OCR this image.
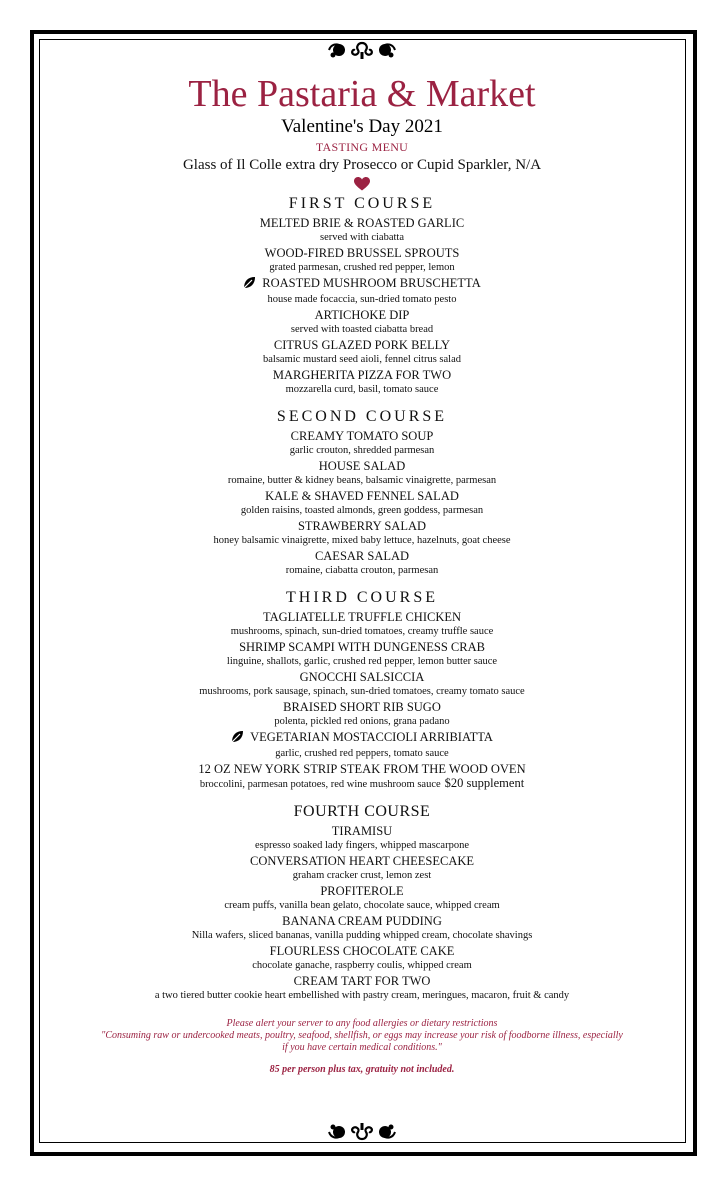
The Pastaria & Market
Valentine's Day 2021
TASTING MENU
Glass of Il Colle extra dry Prosecco or Cupid Sparkler, N/A
FIRST COURSE
MELTED BRIE & ROASTED GARLIC
served with ciabatta
WOOD-FIRED BRUSSEL SPROUTS
grated parmesan, crushed red pepper, lemon
ROASTED MUSHROOM BRUSCHETTA
house made focaccia, sun-dried tomato pesto
ARTICHOKE DIP
served with toasted ciabatta bread
CITRUS GLAZED PORK BELLY
balsamic mustard seed aioli, fennel citrus salad
MARGHERITA PIZZA FOR TWO
mozzarella curd, basil, tomato sauce
SECOND COURSE
CREAMY TOMATO SOUP
garlic crouton, shredded parmesan
HOUSE SALAD
romaine, butter & kidney beans, balsamic vinaigrette, parmesan
KALE & SHAVED FENNEL SALAD
golden raisins, toasted almonds, green goddess, parmesan
STRAWBERRY SALAD
honey balsamic vinaigrette, mixed baby lettuce, hazelnuts, goat cheese
CAESAR SALAD
romaine, ciabatta crouton, parmesan
THIRD COURSE
TAGLIATELLE TRUFFLE CHICKEN
mushrooms, spinach, sun-dried tomatoes, creamy truffle sauce
SHRIMP SCAMPI WITH DUNGENESS CRAB
linguine, shallots, garlic, crushed red pepper, lemon butter sauce
GNOCCHI SALSICCIA
mushrooms, pork sausage, spinach, sun-dried tomatoes, creamy tomato sauce
BRAISED SHORT RIB SUGO
polenta, pickled red onions, grana padano
VEGETARIAN MOSTACCIOLI ARRIBIATTA
garlic, crushed red peppers, tomato sauce
12 OZ NEW YORK STRIP STEAK FROM THE WOOD OVEN
broccolini, parmesan potatoes, red wine mushroom sauce $20 supplement
FOURTH COURSE
TIRAMISU
espresso soaked lady fingers, whipped mascarpone
CONVERSATION HEART CHEESECAKE
graham cracker crust, lemon zest
PROFITEROLE
cream puffs, vanilla bean gelato, chocolate sauce, whipped cream
BANANA CREAM PUDDING
Nilla wafers, sliced bananas, vanilla pudding whipped cream, chocolate shavings
FLOURLESS CHOCOLATE CAKE
chocolate ganache, raspberry coulis, whipped cream
CREAM TART FOR TWO
a two tiered butter cookie heart embellished with pastry cream, meringues, macaron, fruit & candy
Please alert your server to any food allergies or dietary restrictions
"Consuming raw or undercooked meats, poultry, seafood, shellfish, or eggs may increase your risk of foodborne illness, especially
if you have certain medical conditions."
85 per person plus tax, gratuity not included.
